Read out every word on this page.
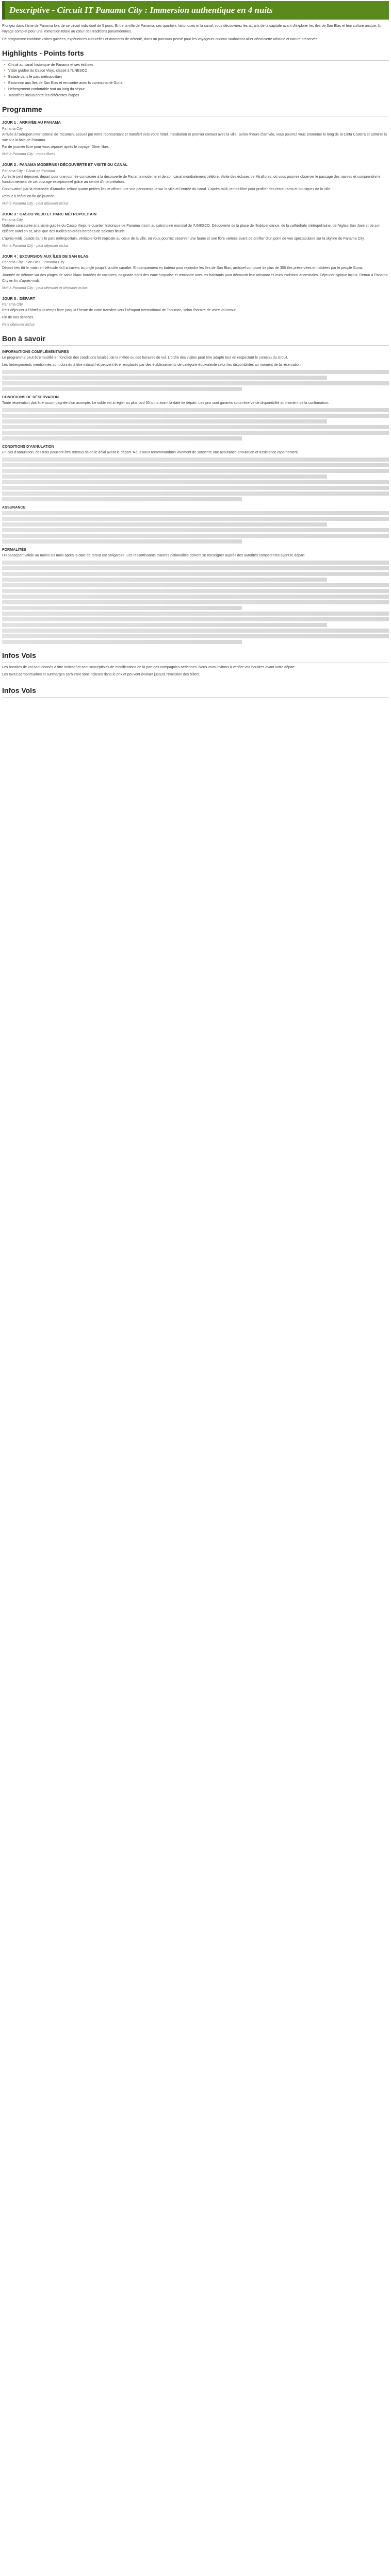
Descriptive - Circuit IT Panama City : Immersion authentique en 4 nuits

Plongez dans l'âme de Panama lors de ce circuit individuel de 5 jours. Entre la ville de Panama, ses quartiers historiques et la canal, vous découvrirez les attraits de la capitale avant d'explorer les îles de San Blas et leur culture unique. Un voyage complet pour une immersion totale au cœur des traditions panaméennes.

Ce programme combine visites guidées, expériences culturelles et moments de détente, dans un parcours pensé pour les voyageurs curieux souhaitant allier découverte urbaine et nature préservée.

Highlights - Points forts
• Circuit au canal historique de Panama et ses écluses
• Visite guidée du Casco Viejo, classé à l'UNESCO
• Balade dans le parc métropolitain
• Excursion aux îles de San Blas et rencontre avec la communauté Guna
• Hébergement confortable tout au long du séjour
• Transferts inclus entre les différentes étapes
Programme
JOUR 1 : ARRIVÉE AU PANAMA
Panama City

Arrivée à l'aéroport international de Tocumen, accueil par notre représentant et transfert vers votre hôtel. Installation et premier contact avec la ville. Selon l'heure d'arrivée, vous pourrez vous promener le long de la Cinta Costera et admirer la vue sur la baie de Panama.

Fin de journée libre pour vous reposer après le voyage. Dîner libre.

Nuit à Panama City - repas libres

JOUR 2 : PANAMA MODERNE / DÉCOUVERTE ET VISITE DU CANAL
Panama City - Canal de Panama

Après le petit déjeuner, départ pour une journée consacrée à la découverte de Panama moderne et de son canal mondialement célèbre. Visite des écluses de Miraflores, où vous pourrez observer le passage des navires et comprendre le fonctionnement de cet ouvrage exceptionnel grâce au centre d'interprétation.

Continuation par la chaussée d'Amador, reliant quatre petites îles et offrant une vue panoramique sur la ville et l'entrée du canal. L'après-midi, temps libre pour profiter des restaurants et boutiques de la ville.

Retour à l'hôtel en fin de journée.

Nuit à Panama City - petit déjeuner inclus

JOUR 3 : CASCO VIEJO ET PARC MÉTROPOLITAIN
Panama City

Matinée consacrée à la visite guidée du Casco Viejo, le quartier historique de Panama inscrit au patrimoine mondial de l'UNESCO. Découverte de la place de l'Indépendance, de la cathédrale métropolitaine, de l'église San José et de son célèbre autel en or, ainsi que des ruelles colorées bordées de balcons fleuris.

L'après-midi, balade dans le parc métropolitain, véritable forêt tropicale au cœur de la ville, où vous pourrez observer une faune et une flore variées avant de profiter d'un point de vue spectaculaire sur la skyline de Panama City.

Nuit à Panama City - petit déjeuner inclus

JOUR 4 : EXCURSION AUX ÎLES DE SAN BLAS
Panama City - San Blas - Panama City

Départ très tôt le matin en véhicule 4x4 à travers la jungle jusqu'à la côte caraïbe. Embarquement en bateau pour rejoindre les îles de San Blas, archipel composé de plus de 350 îles préservées et habitées par le peuple Guna.

Journée de détente sur des plages de sable blanc bordées de cocotiers, baignade dans des eaux turquoise et rencontre avec les habitants pour découvrir leur artisanat et leurs traditions ancestrales. Déjeuner typique inclus. Retour à Panama City en fin d'après-midi.

Nuit à Panama City - petit déjeuner et déjeuner inclus

JOUR 5 : DÉPART
Panama City

Petit déjeuner à l'hôtel puis temps libre jusqu'à l'heure de votre transfert vers l'aéroport international de Tocumen, selon l'horaire de votre vol retour.

Fin de nos services.

Petit déjeuner inclus

Bon à savoir
INFORMATIONS COMPLÉMENTAIRES

Le programme peut être modifié en fonction des conditions locales, de la météo ou des horaires de vol. L'ordre des visites peut être adapté tout en respectant le contenu du circuit.

Les hébergements mentionnés sont donnés à titre indicatif et peuvent être remplacés par des établissements de catégorie équivalente selon les disponibilités au moment de la réservation.

CONDITIONS DE RÉSERVATION

Toute réservation doit être accompagnée d'un acompte. Le solde est à régler au plus tard 30 jours avant la date de départ. Les prix sont garantis sous réserve de disponibilité au moment de la confirmation.

CONDITIONS D'ANNULATION

En cas d'annulation, des frais pourront être retenus selon le délai avant le départ. Nous vous recommandons vivement de souscrire une assurance annulation et assistance rapatriement.

ASSURANCE
FORMALITÉS

Un passeport valide au moins six mois après la date de retour est obligatoire. Les ressortissants d'autres nationalités doivent se renseigner auprès des autorités compétentes avant le départ.

Infos Vols

Les horaires de vol sont donnés à titre indicatif et sont susceptibles de modifications de la part des compagnies aériennes. Nous vous invitons à vérifier vos horaires avant votre départ.

Les taxes aéroportuaires et surcharges carburant sont incluses dans le prix et peuvent évoluer jusqu'à l'émission des billets.

Infos Vols
